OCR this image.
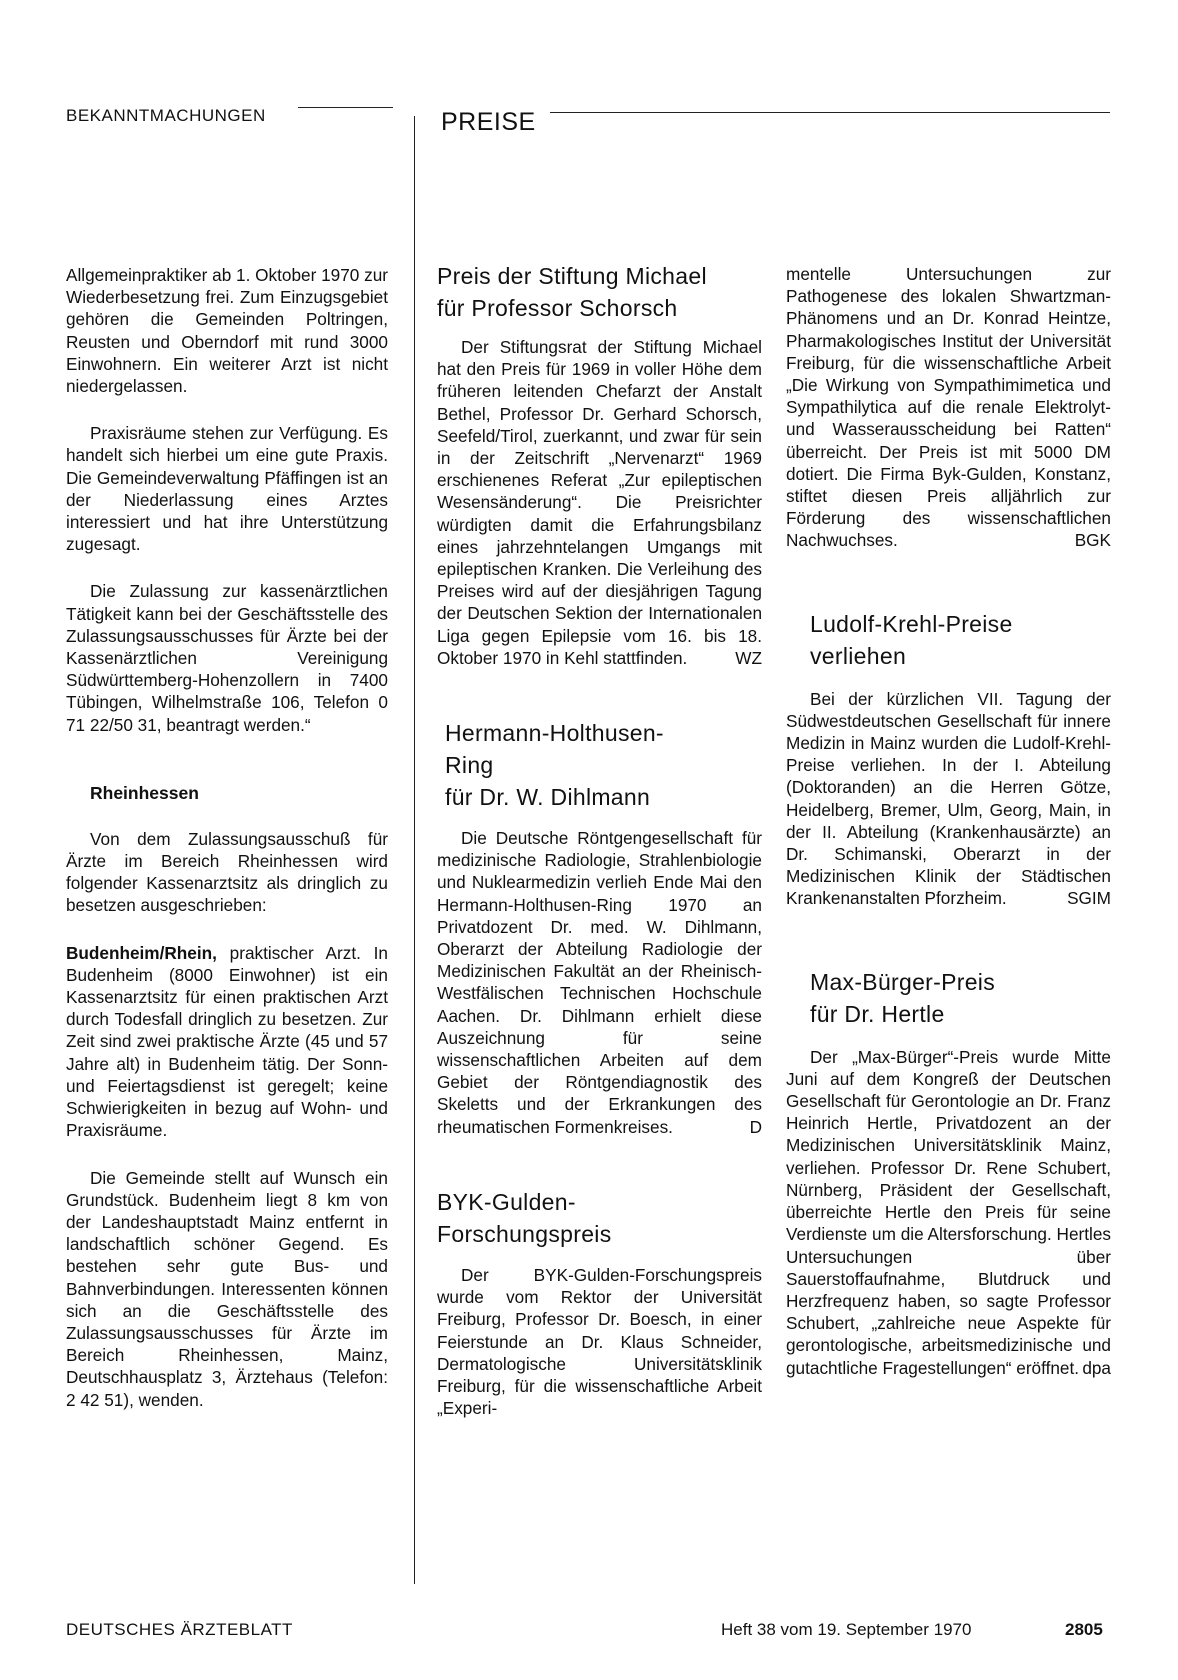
BEKANNTMACHUNGEN	PREISE

Allgemeinpraktiker ab 1. Oktober 1970 zur Wiederbesetzung frei. Zum Einzugsgebiet gehören die Gemeinden Poltringen, Reusten und Oberndorf mit rund 3000 Einwohnern. Ein weiterer Arzt ist nicht niedergelassen.

Praxisräume stehen zur Verfügung. Es handelt sich hierbei um eine gute Praxis. Die Gemeindeverwaltung Pfäffingen ist an der Niederlassung eines Arztes interessiert und hat ihre Unterstützung zugesagt.

Die Zulassung zur kassenärztlichen Tätigkeit kann bei der Geschäftsstelle des Zulassungsausschusses für Ärzte bei der Kassenärztlichen Vereinigung Südwürttemberg-Hohenzollern in 7400 Tübingen, Wilhelmstraße 106, Telefon 0 71 22/50 31, beantragt werden.“

Rheinhessen

Von dem Zulassungsausschuß für Ärzte im Bereich Rheinhessen wird folgender Kassenarztsitz als dringlich zu besetzen ausgeschrieben:

Budenheim/Rhein, praktischer Arzt. In Budenheim (8000 Einwohner) ist ein Kassenarztsitz für einen praktischen Arzt durch Todesfall dringlich zu besetzen. Zur Zeit sind zwei praktische Ärzte (45 und 57 Jahre alt) in Budenheim tätig. Der Sonn- und Feiertagsdienst ist geregelt; keine Schwierigkeiten in bezug auf Wohn- und Praxisräume.

Die Gemeinde stellt auf Wunsch ein Grundstück. Budenheim liegt 8 km von der Landeshauptstadt Mainz entfernt in landschaftlich schöner Gegend. Es bestehen sehr gute Bus- und Bahnverbindungen. Interessenten können sich an die Geschäftsstelle des Zulassungsausschusses für Ärzte im Bereich Rheinhessen, Mainz, Deutschhausplatz 3, Ärztehaus (Telefon: 2 42 51), wenden.

Preis der Stiftung Michael
für Professor Schorsch

Der Stiftungsrat der Stiftung Michael hat den Preis für 1969 in voller Höhe dem früheren leitenden Chefarzt der Anstalt Bethel, Professor Dr. Gerhard Schorsch, Seefeld/Tirol, zuerkannt, und zwar für sein in der Zeitschrift „Nervenarzt“ 1969 erschienenes Referat „Zur epileptischen Wesensänderung“. Die Preisrichter würdigten damit die Erfahrungsbilanz eines jahrzehntelangen Umgangs mit epileptischen Kranken. Die Verleihung des Preises wird auf der diesjährigen Tagung der Deutschen Sektion der Internationalen Liga gegen Epilepsie vom 16. bis 18. Oktober 1970 in Kehl stattfinden.	WZ

Hermann-Holthusen-
Ring
für Dr. W. Dihlmann

Die Deutsche Röntgengesellschaft für medizinische Radiologie, Strahlenbiologie und Nuklearmedizin verlieh Ende Mai den Hermann-Holthusen-Ring 1970 an Privatdozent Dr. med. W. Dihlmann, Oberarzt der Abteilung Radiologie der Medizinischen Fakultät an der Rheinisch-Westfälischen Technischen Hochschule Aachen. Dr. Dihlmann erhielt diese Auszeichnung für seine wissenschaftlichen Arbeiten auf dem Gebiet der Röntgendiagnostik des Skeletts und der Erkrankungen des rheumatischen Formenkreises.	D

BYK-Gulden-
Forschungspreis

Der BYK-Gulden-Forschungspreis wurde vom Rektor der Universität Freiburg, Professor Dr. Boesch, in einer Feierstunde an Dr. Klaus Schneider, Dermatologische Universitätsklinik Freiburg, für die wissenschaftliche Arbeit „Experi-

mentelle Untersuchungen zur Pathogenese des lokalen Shwartzman-Phänomens und an Dr. Konrad Heintze, Pharmakologisches Institut der Universität Freiburg, für die wissenschaftliche Arbeit „Die Wirkung von Sympathimimetica und Sympathilytica auf die renale Elektrolyt- und Wasserausscheidung bei Ratten“ überreicht. Der Preis ist mit 5000 DM dotiert. Die Firma Byk-Gulden, Konstanz, stiftet diesen Preis alljährlich zur Förderung des wissenschaftlichen Nachwuchses.	BGK

Ludolf-Krehl-Preise
verliehen

Bei der kürzlichen VII. Tagung der Südwestdeutschen Gesellschaft für innere Medizin in Mainz wurden die Ludolf-Krehl-Preise verliehen. In der I. Abteilung (Doktoranden) an die Herren Götze, Heidelberg, Bremer, Ulm, Georg, Main, in der II. Abteilung (Krankenhausärzte) an Dr. Schimanski, Oberarzt in der Medizinischen Klinik der Städtischen Krankenanstalten Pforzheim.	SGIM

Max-Bürger-Preis
für Dr. Hertle

Der „Max-Bürger“-Preis wurde Mitte Juni auf dem Kongreß der Deutschen Gesellschaft für Gerontologie an Dr. Franz Heinrich Hertle, Privatdozent an der Medizinischen Universitätsklinik Mainz, verliehen. Professor Dr. Rene Schubert, Nürnberg, Präsident der Gesellschaft, überreichte Hertle den Preis für seine Verdienste um die Altersforschung. Hertles Untersuchungen über Sauerstoffaufnahme, Blutdruck und Herzfrequenz haben, so sagte Professor Schubert, „zahlreiche neue Aspekte für gerontologische, arbeitsmedizinische und gutachtliche Fragestellungen“ eröffnet. dpa

DEUTSCHES ÄRZTEBLATT	Heft 38 vom 19. September 1970	2805
